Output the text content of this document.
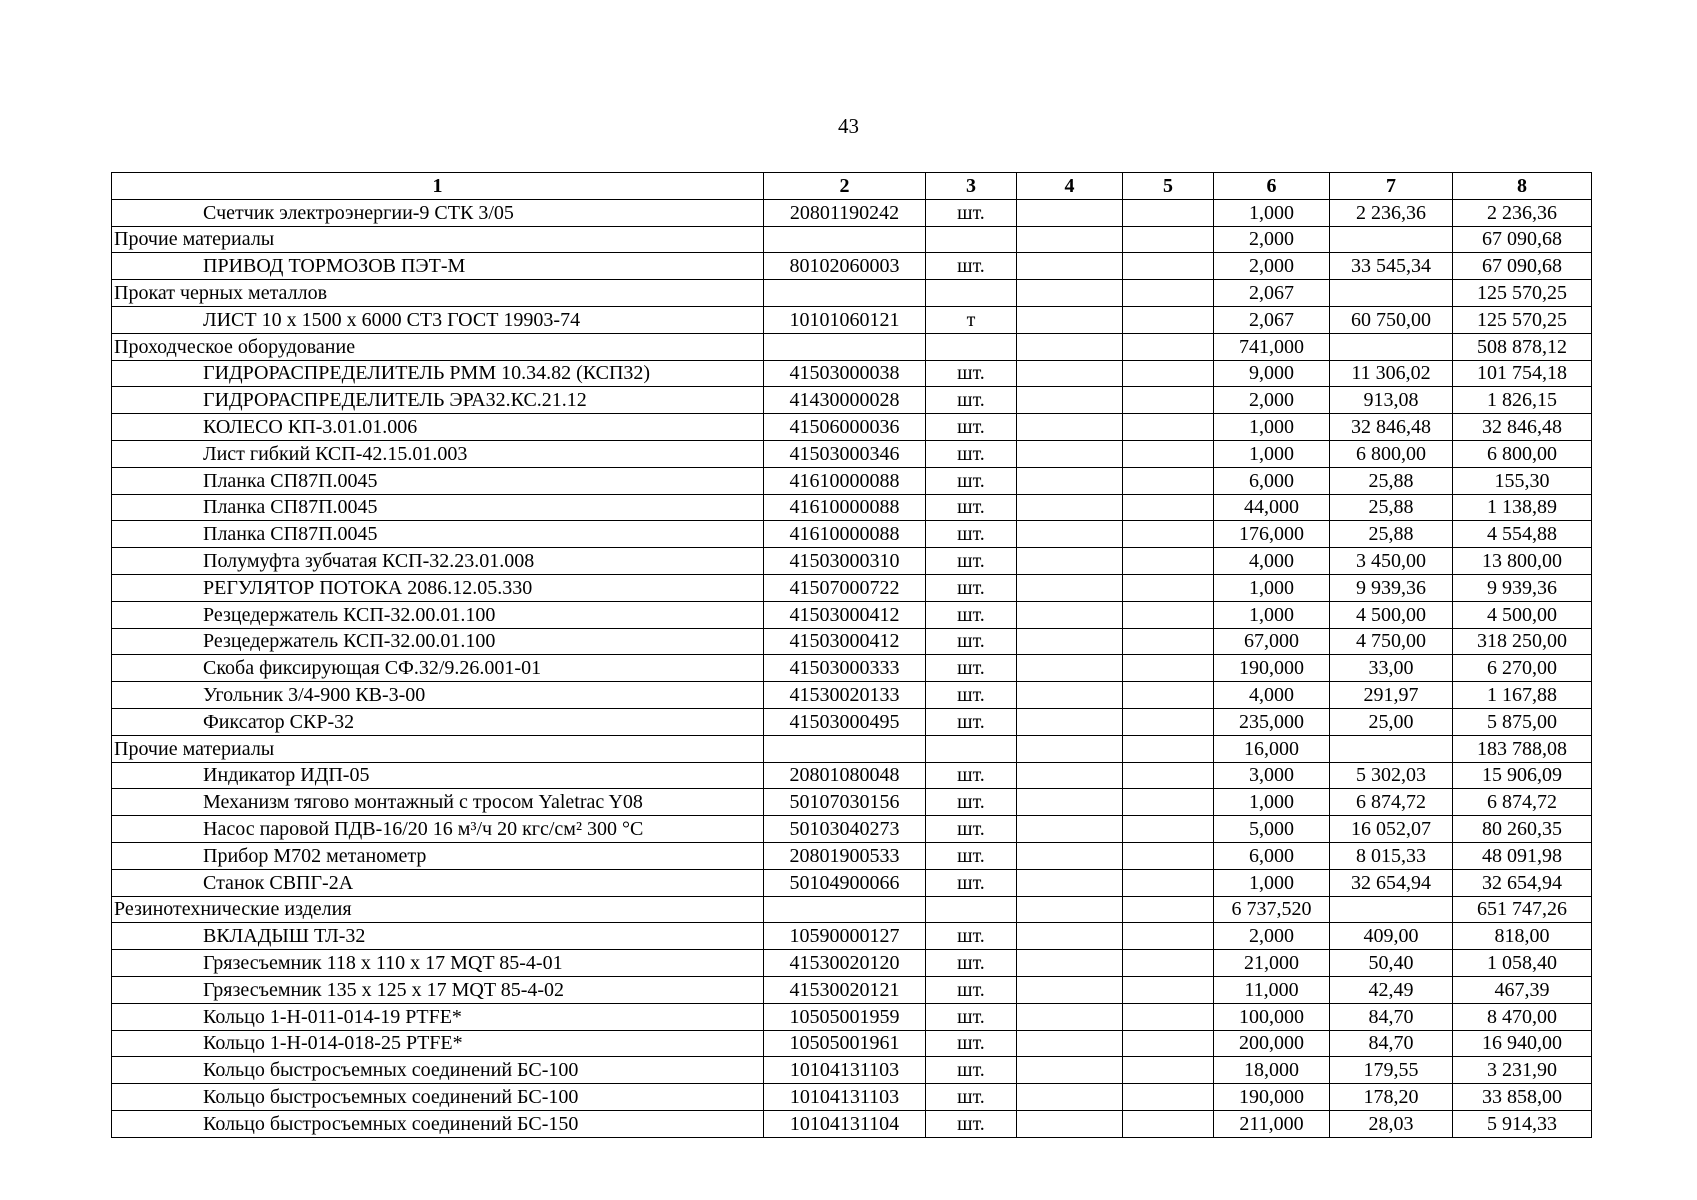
43
1	2	3	4	5	6	7	8
Счетчик электроэнергии-9 СТК 3/05	20801190242	шт.			1,000	2 236,36	2 236,36
Прочие материалы					2,000		67 090,68
ПРИВОД ТОРМОЗОВ ПЭТ-М	80102060003	шт.			2,000	33 545,34	67 090,68
Прокат черных металлов					2,067		125 570,25
ЛИСТ 10 х 1500 х 6000 СТ3 ГОСТ 19903-74	10101060121	т			2,067	60 750,00	125 570,25
Проходческое оборудование					741,000		508 878,12
ГИДРОРАСПРЕДЕЛИТЕЛЬ РММ 10.34.82 (КСП32)	41503000038	шт.			9,000	11 306,02	101 754,18
ГИДРОРАСПРЕДЕЛИТЕЛЬ ЭРА32.КС.21.12	41430000028	шт.			2,000	913,08	1 826,15
КОЛЕСО КП-3.01.01.006	41506000036	шт.			1,000	32 846,48	32 846,48
Лист гибкий КСП-42.15.01.003	41503000346	шт.			1,000	6 800,00	6 800,00
Планка СП87П.0045	41610000088	шт.			6,000	25,88	155,30
Планка СП87П.0045	41610000088	шт.			44,000	25,88	1 138,89
Планка СП87П.0045	41610000088	шт.			176,000	25,88	4 554,88
Полумуфта зубчатая КСП-32.23.01.008	41503000310	шт.			4,000	3 450,00	13 800,00
РЕГУЛЯТОР ПОТОКА 2086.12.05.330	41507000722	шт.			1,000	9 939,36	9 939,36
Резцедержатель КСП-32.00.01.100	41503000412	шт.			1,000	4 500,00	4 500,00
Резцедержатель КСП-32.00.01.100	41503000412	шт.			67,000	4 750,00	318 250,00
Скоба фиксирующая СФ.32/9.26.001-01	41503000333	шт.			190,000	33,00	6 270,00
Угольник 3/4-900 КВ-3-00	41530020133	шт.			4,000	291,97	1 167,88
Фиксатор СКР-32	41503000495	шт.			235,000	25,00	5 875,00
Прочие материалы					16,000		183 788,08
Индикатор ИДП-05	20801080048	шт.			3,000	5 302,03	15 906,09
Механизм тягово монтажный с тросом Yaletrac Y08	50107030156	шт.			1,000	6 874,72	6 874,72
Насос паровой ПДВ-16/20 16 м³/ч 20 кгс/см² 300 °С	50103040273	шт.			5,000	16 052,07	80 260,35
Прибор М702 метанометр	20801900533	шт.			6,000	8 015,33	48 091,98
Станок СВПГ-2А	50104900066	шт.			1,000	32 654,94	32 654,94
Резинотехнические изделия					6 737,520		651 747,26
ВКЛАДЫШ ТЛ-32	10590000127	шт.			2,000	409,00	818,00
Грязесъемник 118 х 110 х 17 MQT 85-4-01	41530020120	шт.			21,000	50,40	1 058,40
Грязесъемник 135 х 125 х 17 MQT 85-4-02	41530020121	шт.			11,000	42,49	467,39
Кольцо 1-Н-011-014-19 PTFE*	10505001959	шт.			100,000	84,70	8 470,00
Кольцо 1-Н-014-018-25 PTFE*	10505001961	шт.			200,000	84,70	16 940,00
Кольцо быстросъемных соединений БС-100	10104131103	шт.			18,000	179,55	3 231,90
Кольцо быстросъемных соединений БС-100	10104131103	шт.			190,000	178,20	33 858,00
Кольцо быстросъемных соединений БС-150	10104131104	шт.			211,000	28,03	5 914,33
